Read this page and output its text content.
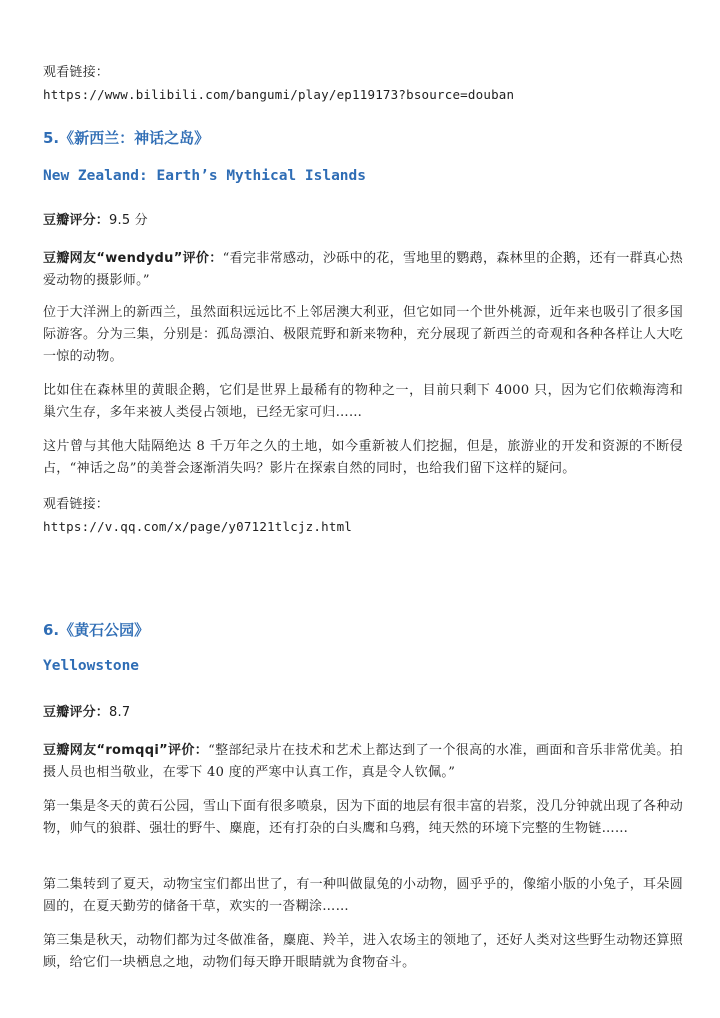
观看链接：

https://www.bilibili.com/bangumi/play/ep119173?bsource=douban

5.《新西兰：神话之岛》

New Zealand: Earth’s Mythical Islands

豆瓣评分：9.5 分

豆瓣网友“wendydu”评价：“看完非常感动，沙砾中的花，雪地里的鹦鹉，森林里的企鹅，还有一群真心热爱动物的摄影师。”

位于大洋洲上的新西兰，虽然面积远远比不上邻居澳大利亚，但它如同一个世外桃源，近年来也吸引了很多国际游客。分为三集，分别是：孤岛漂泊、极限荒野和新来物种，充分展现了新西兰的奇观和各种各样让人大吃一惊的动物。

比如住在森林里的黄眼企鹅，它们是世界上最稀有的物种之一，目前只剩下 4000 只，因为它们依赖海湾和巢穴生存，多年来被人类侵占领地，已经无家可归……

这片曾与其他大陆隔绝达 8 千万年之久的土地，如今重新被人们挖掘，但是，旅游业的开发和资源的不断侵占，“神话之岛”的美誉会逐渐消失吗？影片在探索自然的同时，也给我们留下这样的疑问。

观看链接：

https://v.qq.com/x/page/y07121tlcjz.html

6.《黄石公园》

Yellowstone

豆瓣评分：8.7

豆瓣网友“romqqi”评价：“整部纪录片在技术和艺术上都达到了一个很高的水准，画面和音乐非常优美。拍摄人员也相当敬业，在零下 40 度的严寒中认真工作，真是令人钦佩。”

第一集是冬天的黄石公园，雪山下面有很多喷泉，因为下面的地层有很丰富的岩浆，没几分钟就出现了各种动物，帅气的狼群、强壮的野牛、麋鹿，还有打杂的白头鹰和乌鸦，纯天然的环境下完整的生物链……

第二集转到了夏天，动物宝宝们都出世了，有一种叫做鼠兔的小动物，圆乎乎的，像缩小版的小兔子，耳朵圆圆的，在夏天勤劳的储备干草，欢实的一沓糊涂……

第三集是秋天，动物们都为过冬做准备，麋鹿、羚羊，进入农场主的领地了，还好人类对这些野生动物还算照顾，给它们一块栖息之地，动物们每天睁开眼睛就为食物奋斗。
